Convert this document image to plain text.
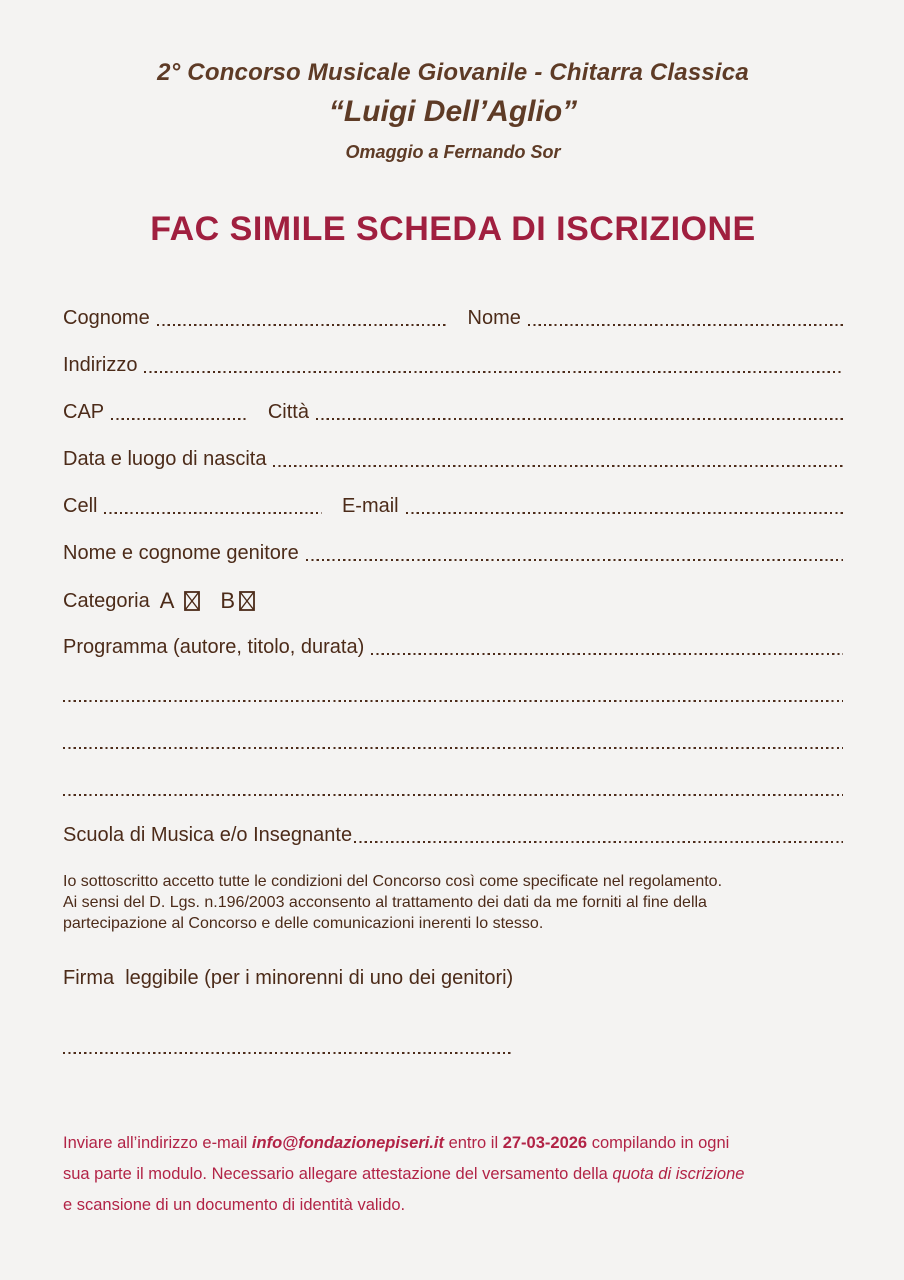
2° Concorso Musicale Giovanile - Chitarra Classica
“Luigi Dell’Aglio”
Omaggio a Fernando Sor
FAC SIMILE SCHEDA DI ISCRIZIONE
Cognome	Nome
Indirizzo
CAP	Città
Data e luogo di nascita
Cell	E-mail
Nome e cognome genitore
Categoria A B
Programma (autore, titolo, durata)
Scuola di Musica e/o Insegnante
Io sottoscritto accetto tutte le condizioni del Concorso così come specificate nel regolamento.
Ai sensi del D. Lgs. n.196/2003 acconsento al trattamento dei dati da me forniti al fine della
partecipazione al Concorso e delle comunicazioni inerenti lo stesso.
Firma  leggibile (per i minorenni di uno dei genitori)
Inviare all’indirizzo e-mail info@fondazionepiseri.it entro il 27-03-2026 compilando in ogni
sua parte il modulo. Necessario allegare attestazione del versamento della quota di iscrizione
e scansione di un documento di identità valido.
